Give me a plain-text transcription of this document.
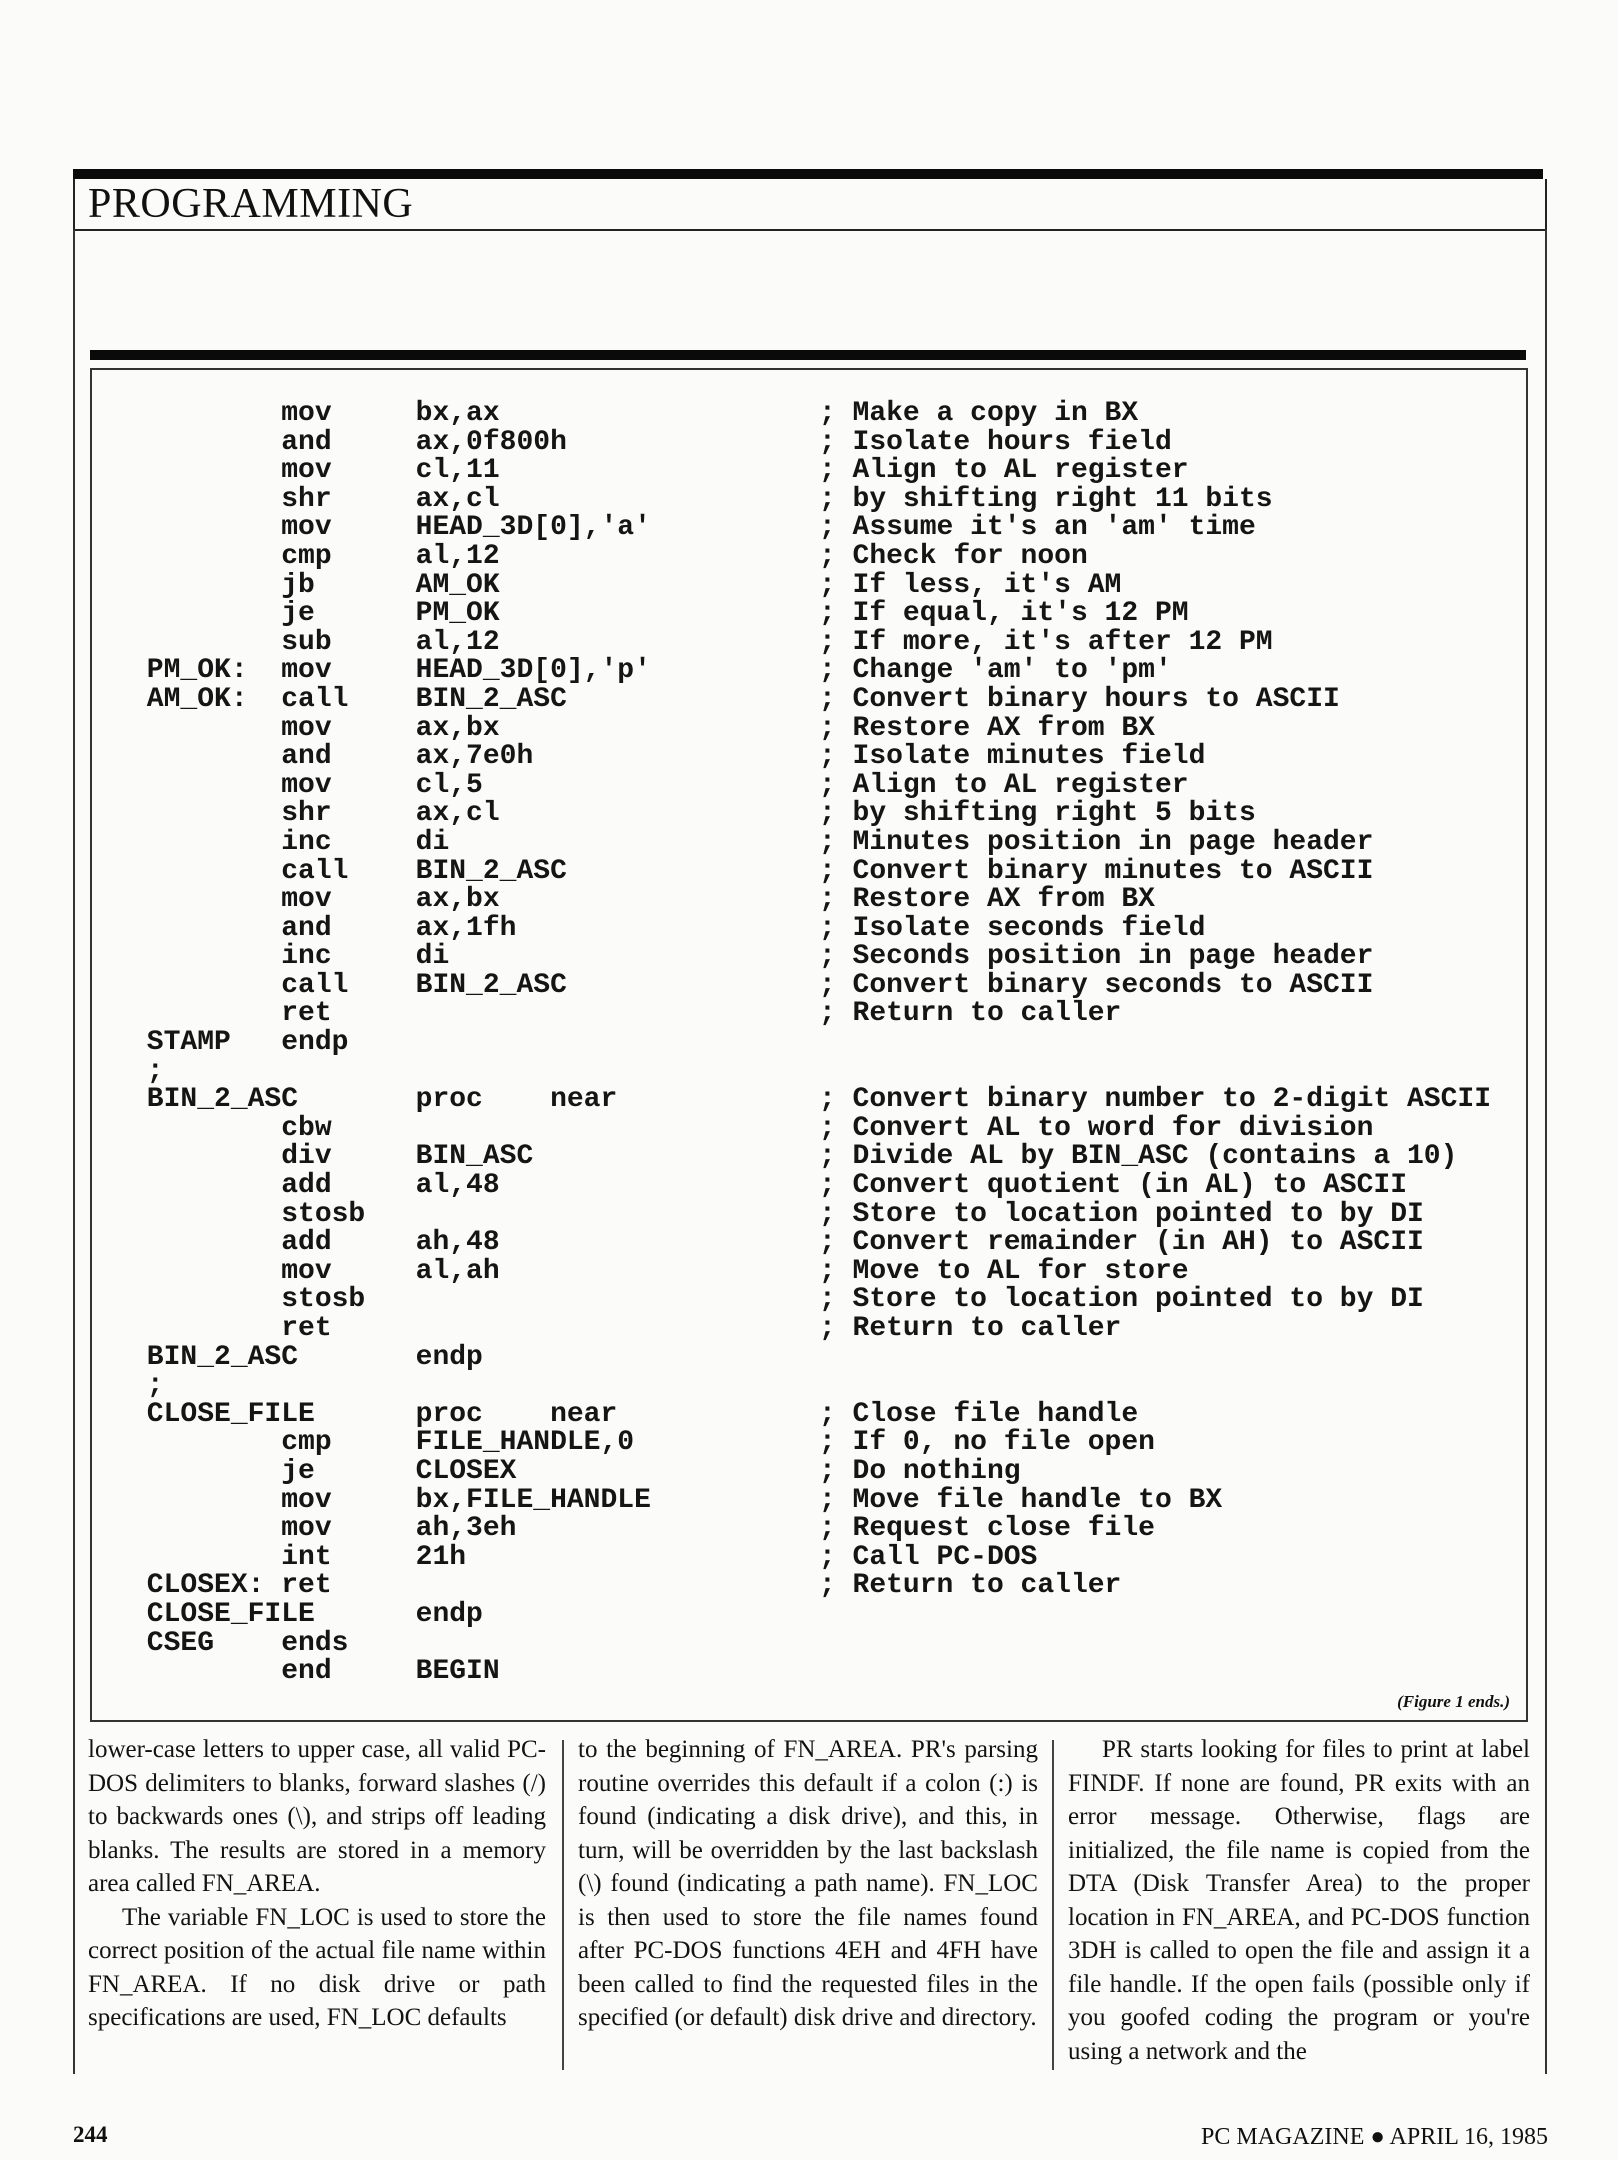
PROGRAMMING
mov     bx,ax                   ; Make a copy in BX
and     ax,0f800h               ; Isolate hours field
mov     cl,11                   ; Align to AL register
shr     ax,cl                   ; by shifting right 11 bits
mov     HEAD_3D[0],'a'          ; Assume it's an 'am' time
cmp     al,12                   ; Check for noon
jb      AM_OK                   ; If less, it's AM
je      PM_OK                   ; If equal, it's 12 PM
sub     al,12                   ; If more, it's after 12 PM
PM_OK:  mov     HEAD_3D[0],'p'          ; Change 'am' to 'pm'
AM_OK:  call    BIN_2_ASC               ; Convert binary hours to ASCII
mov     ax,bx                   ; Restore AX from BX
and     ax,7e0h                 ; Isolate minutes field
mov     cl,5                    ; Align to AL register
shr     ax,cl                   ; by shifting right 5 bits
inc     di                      ; Minutes position in page header
call    BIN_2_ASC               ; Convert binary minutes to ASCII
mov     ax,bx                   ; Restore AX from BX
and     ax,1fh                  ; Isolate seconds field
inc     di                      ; Seconds position in page header
call    BIN_2_ASC               ; Convert binary seconds to ASCII
ret                             ; Return to caller
STAMP   endp
;
BIN_2_ASC       proc    near            ; Convert binary number to 2-digit ASCII
cbw                             ; Convert AL to word for division
div     BIN_ASC                 ; Divide AL by BIN_ASC (contains a 10)
add     al,48                   ; Convert quotient (in AL) to ASCII
stosb                           ; Store to location pointed to by DI
add     ah,48                   ; Convert remainder (in AH) to ASCII
mov     al,ah                   ; Move to AL for store
stosb                           ; Store to location pointed to by DI
ret                             ; Return to caller
BIN_2_ASC       endp
;
CLOSE_FILE      proc    near            ; Close file handle
cmp     FILE_HANDLE,0           ; If 0, no file open
je      CLOSEX                  ; Do nothing
mov     bx,FILE_HANDLE          ; Move file handle to BX
mov     ah,3eh                  ; Request close file
int     21h                     ; Call PC-DOS
CLOSEX: ret                             ; Return to caller
CLOSE_FILE      endp
CSEG    ends
end     BEGIN
(Figure 1 ends.)

lower-case letters to upper case, all valid PC-DOS delimiters to blanks, forward slashes (/) to backwards ones (\), and strips off leading blanks. The results are stored in a memory area called FN_AREA.

The variable FN_LOC is used to store the correct position of the actual file name within FN_AREA. If no disk drive or path specifications are used, FN_LOC defaults

to the beginning of FN_AREA. PR's parsing routine overrides this default if a colon (:) is found (indicating a disk drive), and this, in turn, will be overridden by the last backslash (\) found (indicating a path name). FN_LOC is then used to store the file names found after PC-DOS functions 4EH and 4FH have been called to find the requested files in the specified (or default) disk drive and directory.

PR starts looking for files to print at label FINDF. If none are found, PR exits with an error message. Otherwise, flags are initialized, the file name is copied from the DTA (Disk Transfer Area) to the proper location in FN_AREA, and PC-DOS function 3DH is called to open the file and assign it a file handle. If the open fails (possible only if you goofed coding the program or you're using a network and the

244	PC MAGAZINE ● APRIL 16, 1985
